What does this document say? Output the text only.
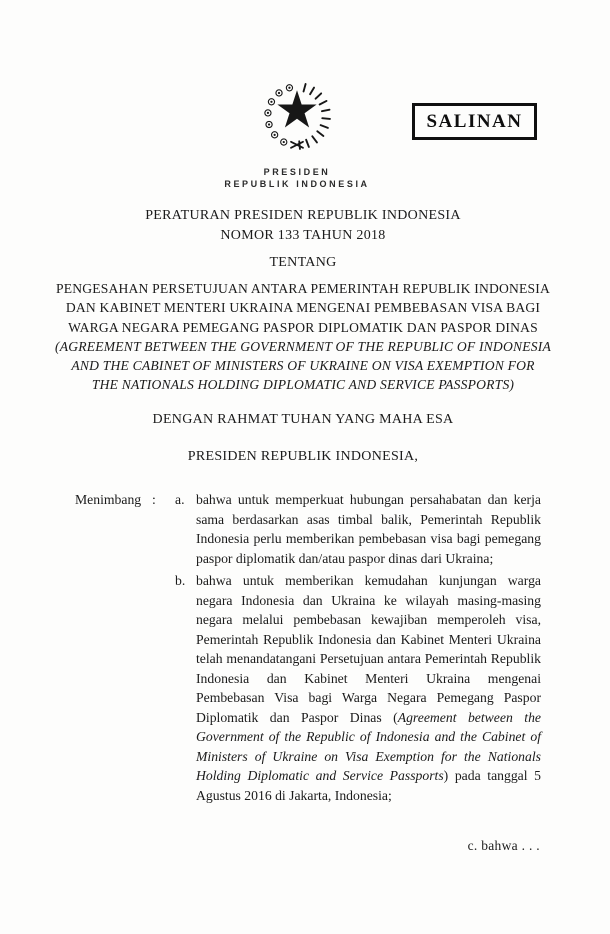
PRESIDEN
REPUBLIK INDONESIA
SALINAN
PERATURAN PRESIDEN REPUBLIK INDONESIA
NOMOR 133 TAHUN 2018
TENTANG
PENGESAHAN PERSETUJUAN ANTARA PEMERINTAH REPUBLIK INDONESIA
DAN KABINET MENTERI UKRAINA MENGENAI PEMBEBASAN VISA BAGI
WARGA NEGARA PEMEGANG PASPOR DIPLOMATIK DAN PASPOR DINAS
(AGREEMENT BETWEEN THE GOVERNMENT OF THE REPUBLIC OF INDONESIA
AND THE CABINET OF MINISTERS OF UKRAINE ON VISA EXEMPTION FOR
THE NATIONALS HOLDING DIPLOMATIC AND SERVICE PASSPORTS)
DENGAN RAHMAT TUHAN YANG MAHA ESA
PRESIDEN REPUBLIK INDONESIA,
Menimbang :	a. bahwa untuk memperkuat hubungan persahabatan dan kerja sama berdasarkan asas timbal balik, Pemerintah Republik Indonesia perlu memberikan pembebasan visa bagi pemegang paspor diplomatik dan/atau paspor dinas dari Ukraina;
b. bahwa untuk memberikan kemudahan kunjungan warga negara Indonesia dan Ukraina ke wilayah masing-masing negara melalui pembebasan kewajiban memperoleh visa, Pemerintah Republik Indonesia dan Kabinet Menteri Ukraina telah menandatangani Persetujuan antara Pemerintah Republik Indonesia dan Kabinet Menteri Ukraina mengenai Pembebasan Visa bagi Warga Negara Pemegang Paspor Diplomatik dan Paspor Dinas (Agreement between the Government of the Republic of Indonesia and the Cabinet of Ministers of Ukraine on Visa Exemption for the Nationals Holding Diplomatic and Service Passports) pada tanggal 5 Agustus 2016 di Jakarta, Indonesia;
c. bahwa . . .
